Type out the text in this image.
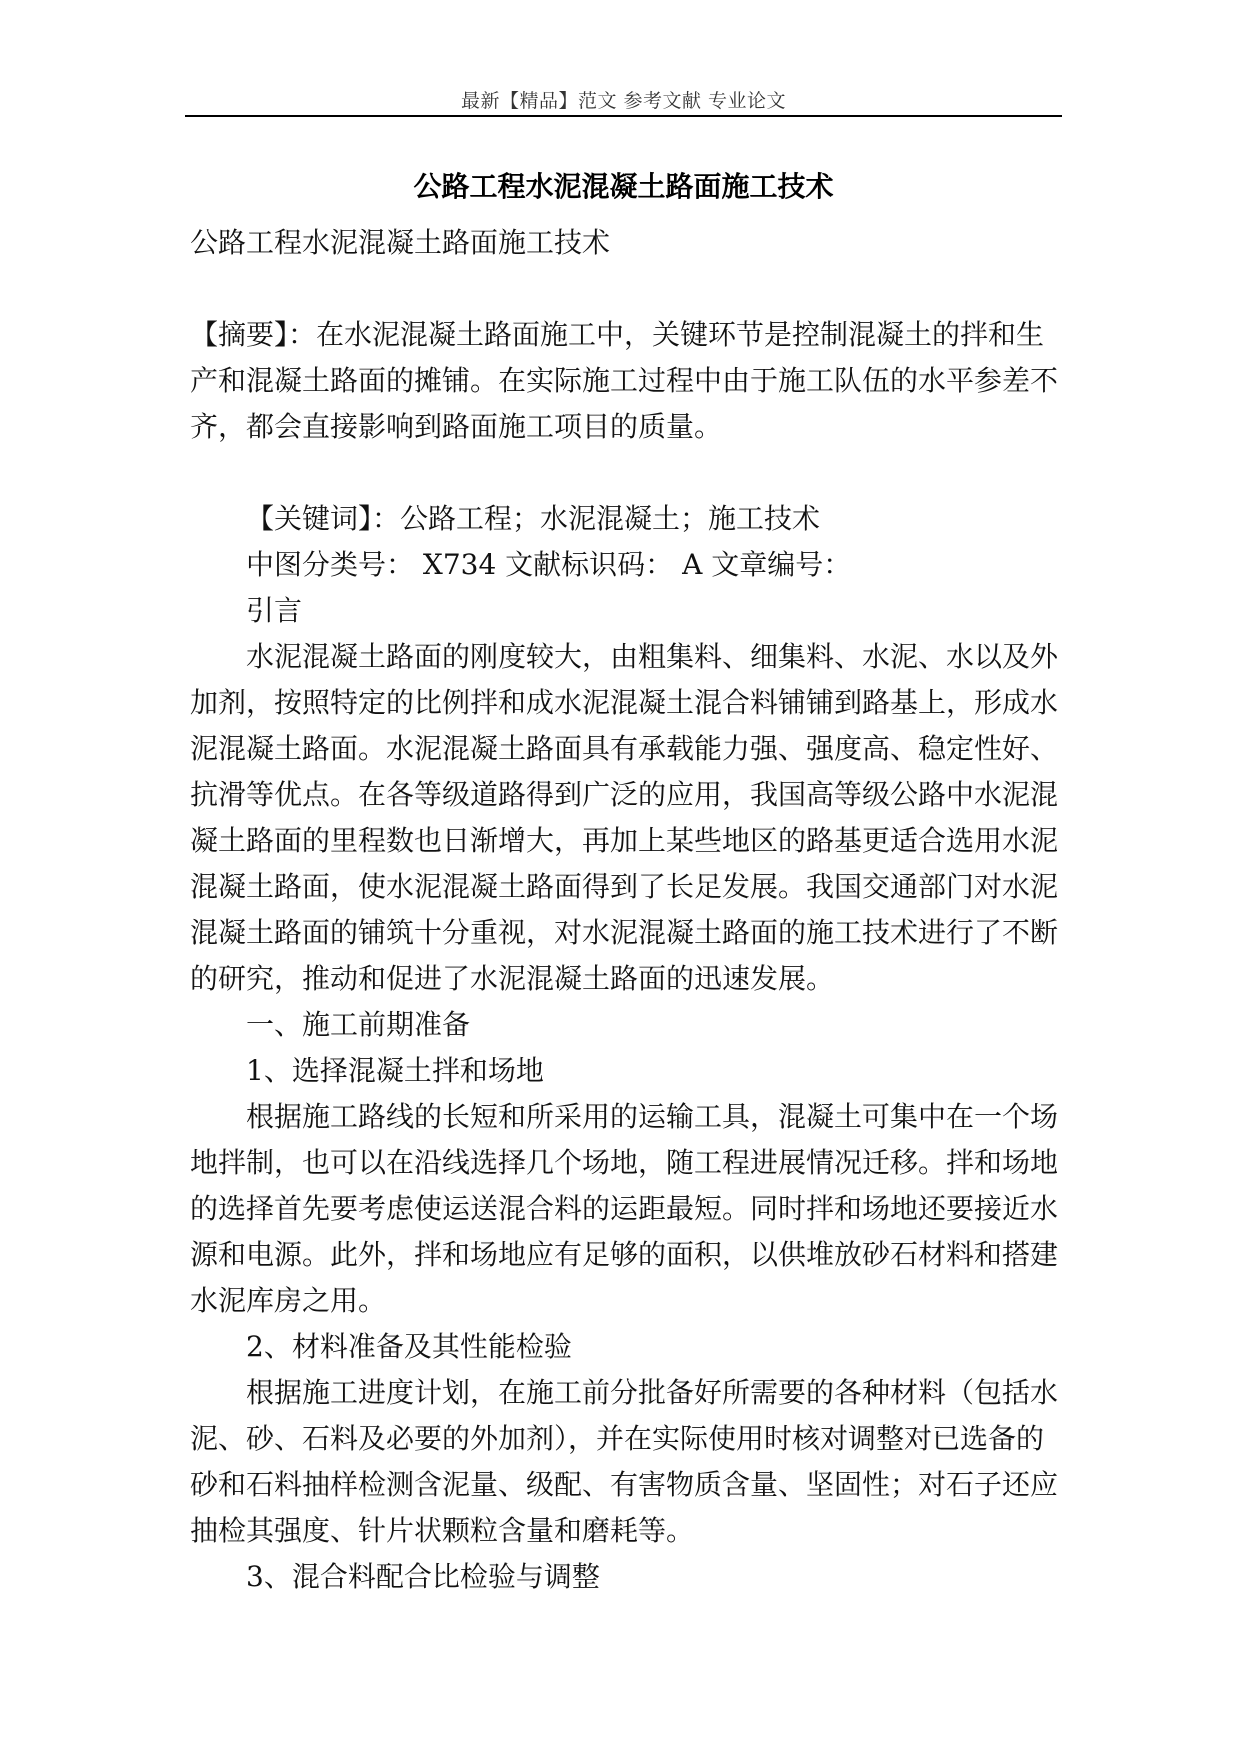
最新【精品】范文 参考文献 专业论文
公路工程水泥混凝土路面施工技术

公路工程水泥混凝土路面施工技术

【摘要】：在水泥混凝土路面施工中，关键环节是控制混凝土的拌和生产和混凝土路面的摊铺。在实际施工过程中由于施工队伍的水平参差不齐，都会直接影响到路面施工项目的质量。

【关键词】：公路工程；水泥混凝土；施工技术

中图分类号： X734 文献标识码： A 文章编号：

引言

水泥混凝土路面的刚度较大，由粗集料、细集料、水泥、水以及外加剂，按照特定的比例拌和成水泥混凝土混合料铺铺到路基上，形成水泥混凝土路面。水泥混凝土路面具有承载能力强、强度高、稳定性好、抗滑等优点。在各等级道路得到广泛的应用，我国高等级公路中水泥混凝土路面的里程数也日渐增大，再加上某些地区的路基更适合选用水泥混凝土路面，使水泥混凝土路面得到了长足发展。我国交通部门对水泥混凝土路面的铺筑十分重视，对水泥混凝土路面的施工技术进行了不断的研究，推动和促进了水泥混凝土路面的迅速发展。

一、施工前期准备

1、选择混凝土拌和场地

根据施工路线的长短和所采用的运输工具，混凝土可集中在一个场地拌制，也可以在沿线选择几个场地，随工程进展情况迁移。拌和场地的选择首先要考虑使运送混合料的运距最短。同时拌和场地还要接近水源和电源。此外，拌和场地应有足够的面积，以供堆放砂石材料和搭建水泥库房之用。

2、材料准备及其性能检验

根据施工进度计划，在施工前分批备好所需要的各种材料（包括水泥、砂、石料及必要的外加剂），并在实际使用时核对调整对已选备的砂和石料抽样检测含泥量、级配、有害物质含量、坚固性；对石子还应抽检其强度、针片状颗粒含量和磨耗等。

3、混合料配合比检验与调整
